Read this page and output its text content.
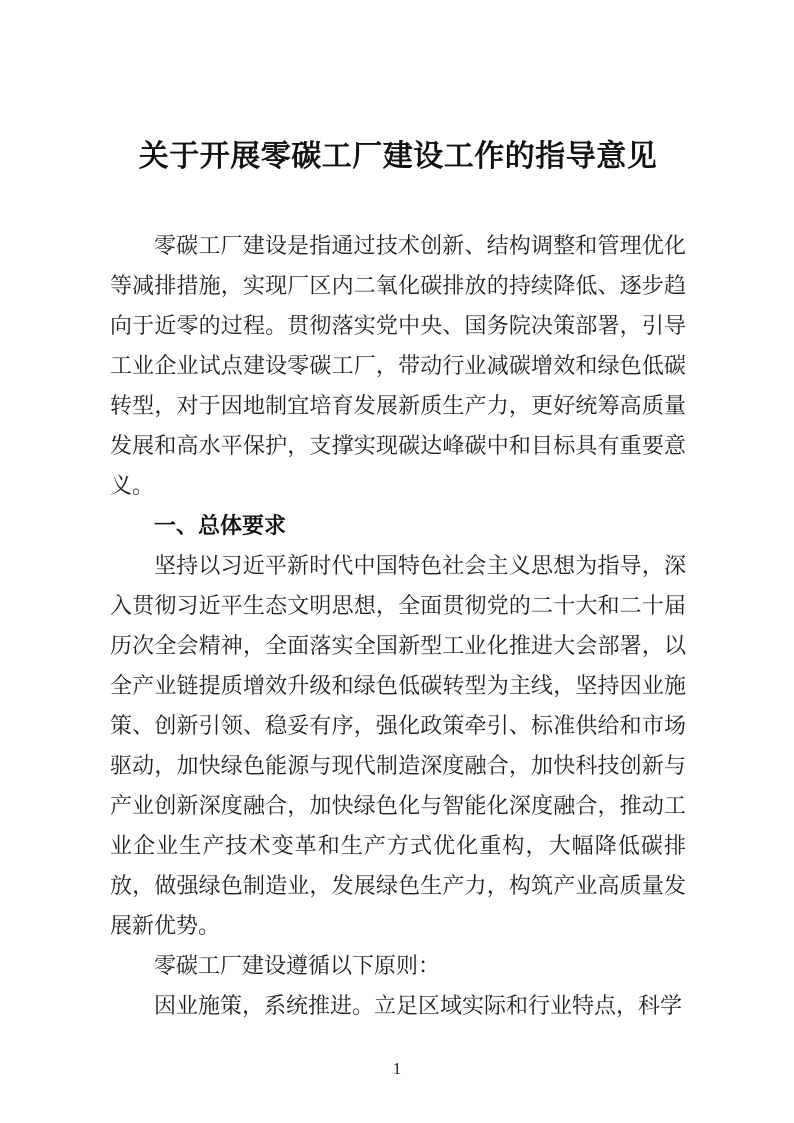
关于开展零碳工厂建设工作的指导意见

零碳工厂建设是指通过技术创新、结构调整和管理优化等减排措施，实现厂区内二氧化碳排放的持续降低、逐步趋向于近零的过程。贯彻落实党中央、国务院决策部署，引导工业企业试点建设零碳工厂，带动行业减碳增效和绿色低碳转型，对于因地制宜培育发展新质生产力，更好统筹高质量发展和高水平保护，支撑实现碳达峰碳中和目标具有重要意义。

一、总体要求

坚持以习近平新时代中国特色社会主义思想为指导，深入贯彻习近平生态文明思想，全面贯彻党的二十大和二十届历次全会精神，全面落实全国新型工业化推进大会部署，以全产业链提质增效升级和绿色低碳转型为主线，坚持因业施策、创新引领、稳妥有序，强化政策牵引、标准供给和市场驱动，加快绿色能源与现代制造深度融合，加快科技创新与产业创新深度融合，加快绿色化与智能化深度融合，推动工业企业生产技术变革和生产方式优化重构，大幅降低碳排放，做强绿色制造业，发展绿色生产力，构筑产业高质量发展新优势。

零碳工厂建设遵循以下原则：

因业施策，系统推进。立足区域实际和行业特点，科学

1
